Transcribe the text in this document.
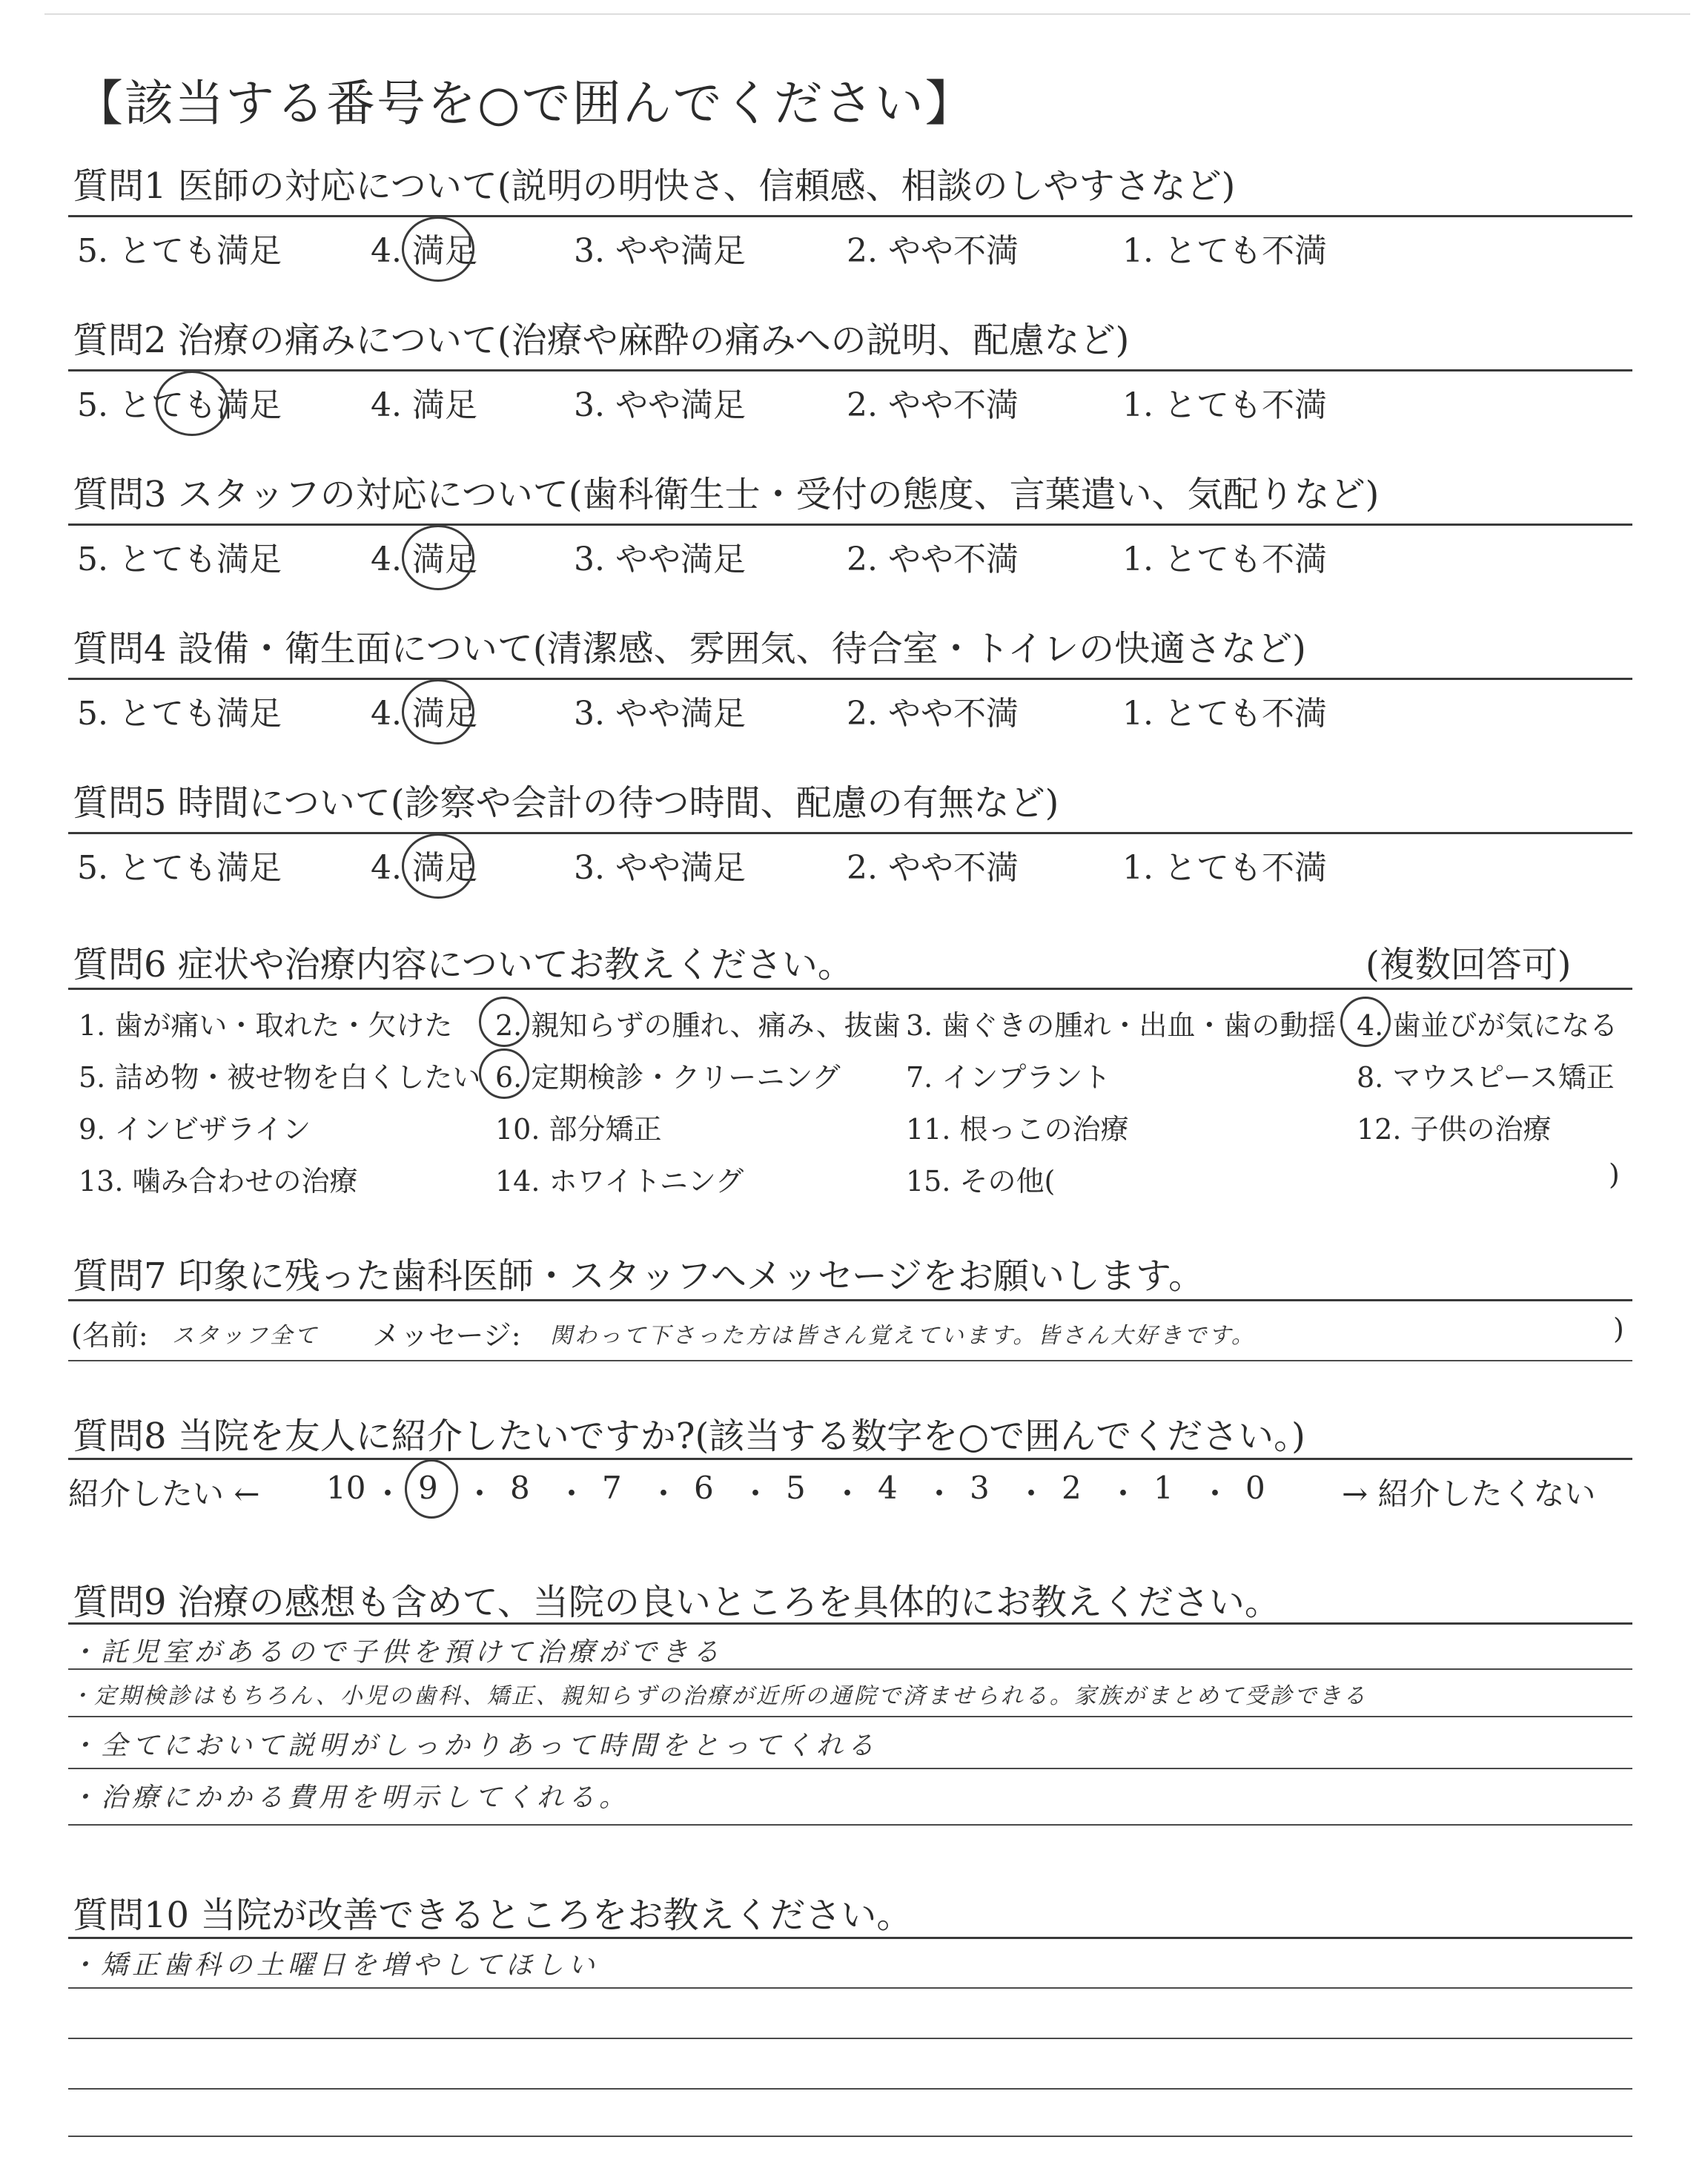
【該当する番号を○で囲んでください】
質問6 症状や治療内容についてお教えください。	(複数回答可)
質問7 印象に残った歯科医師・スタッフへメッセージをお願いします。
(名前: スタッフ全て メッセージ: 関わって下さった方は皆さん覚えています。皆さん大好きです。	)
質問8 当院を友人に紹介したいですか?(該当する数字を○で囲んでください。)
紹介したい ←	→ 紹介したくない
質問9 治療の感想も含めて、当院の良いところを具体的にお教えください。
質問10 当院が改善できるところをお教えください。
質問1 医師の対応について(説明の明快さ、信頼感、相談のしやすさなど)
5. とても満足	4. 満足	3. やや満足	2. やや不満	1. とても不満
質問2 治療の痛みについて(治療や麻酔の痛みへの説明、配慮など)
5. とても満足	4. 満足	3. やや満足	2. やや不満	1. とても不満
質問3 スタッフの対応について(歯科衛生士・受付の態度、言葉遣い、気配りなど)
5. とても満足	4. 満足	3. やや満足	2. やや不満	1. とても不満
質問4 設備・衛生面について(清潔感、雰囲気、待合室・トイレの快適さなど)
5. とても満足	4. 満足	3. やや満足	2. やや不満	1. とても不満
質問5 時間について(診察や会計の待つ時間、配慮の有無など)
5. とても満足	4. 満足	3. やや満足	2. やや不満	1. とても不満
1. 歯が痛い・取れた・欠けた 2. 親知らずの腫れ、痛み、抜歯 3. 歯ぐきの腫れ・出血・歯の動揺 4. 歯並びが気になる
5. 詰め物・被せ物を白くしたい 6. 定期検診・クリーニング 7. インプラント	8. マウスピース矯正
9. インビザライン	10. 部分矯正	11. 根っこの治療	12. 子供の治療
13. 噛み合わせの治療	14. ホワイトニング	15. その他(	)
10 ・ 9 ・ 8 ・ 7 ・ 6 ・ 5 ・ 4 ・ 3 ・ 2 ・ 1 ・ 0
・託児室があるので子供を預けて治療ができる
・定期検診はもちろん、小児の歯科、矯正、親知らずの治療が近所の通院で済ませられる。家族がまとめて受診できる
・全てにおいて説明がしっかりあって時間をとってくれる
・治療にかかる費用を明示してくれる。
・矯正歯科の土曜日を増やしてほしい
